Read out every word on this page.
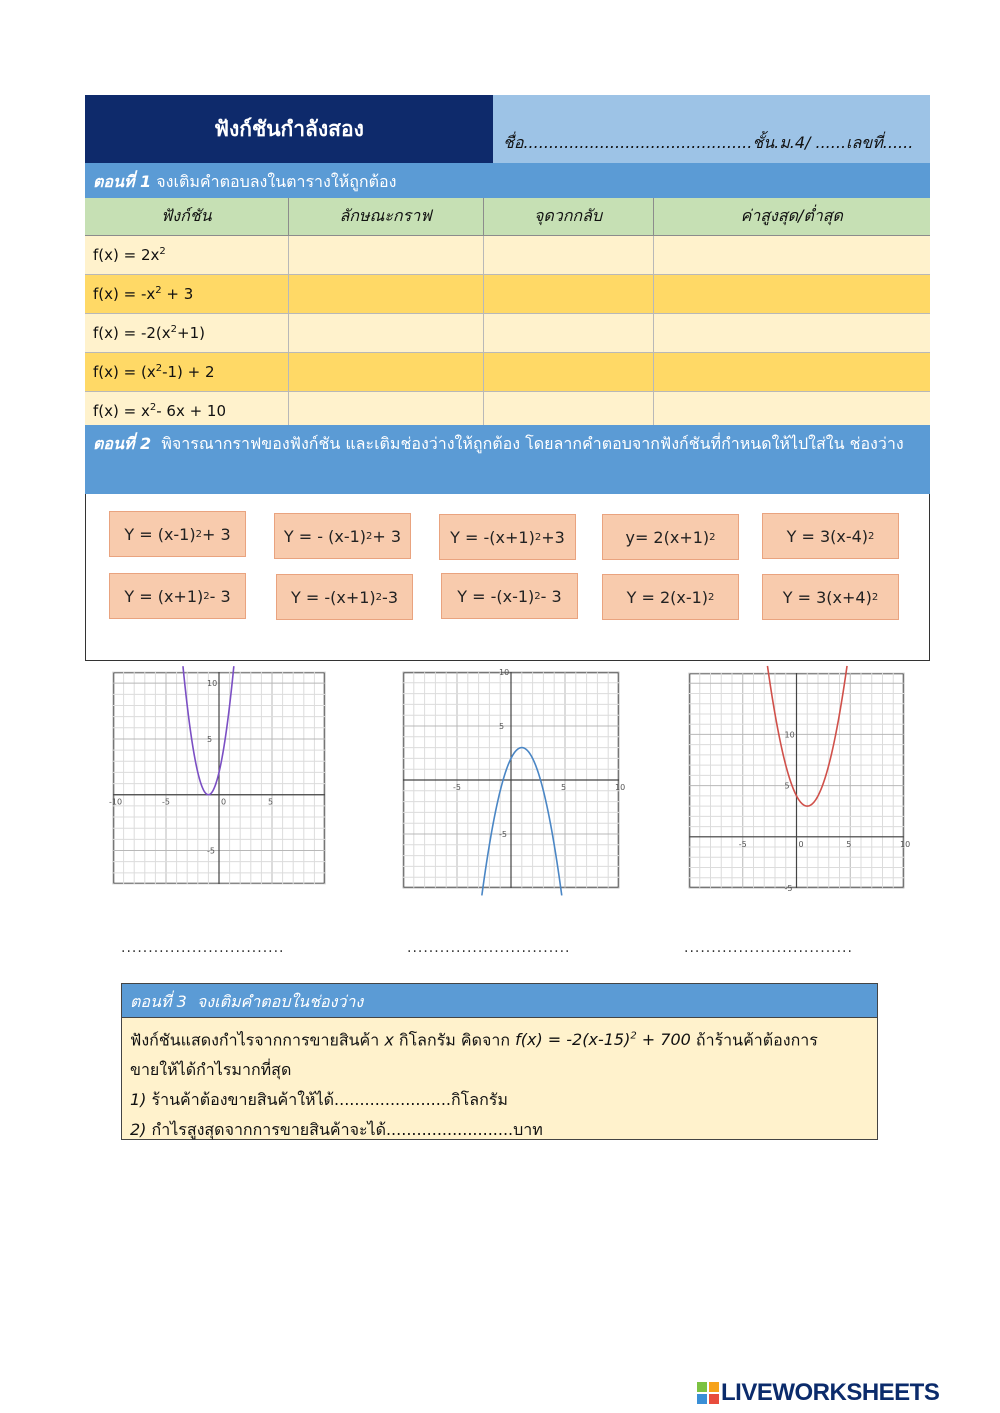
ฟังก์ชันกำลังสอง
ชื่อ.............................................ชั้น.ม.4/ ......เลขที่......
ตอนที่ 1 จงเติมคำตอบลงในตารางให้ถูกต้อง
ฟังก์ชัน	ลักษณะกราฟ	จุดวกกลับ	ค่าสูงสุด/ต่ำสุด
$f(x) = 2x^2$			
$f(x) = -x^2 + 3$			
$f(x) = -2(x^2+1)$			
$f(x) = (x^2-1) + 2$			
$f(x) = x^2-$ 6x + 10			
ตอนที่ 2 พิจารณากราฟของฟังก์ชัน และเติมช่องว่างให้ถูกต้อง โดยลากคำตอบจากฟังก์ชันที่กำหนดให้ไปใส่ใน ช่องว่าง
Y = (x-1) 2 + 3	Y = - (x-1) 2 + 3	Y = -(x+1) 2 +3	y= 2(x+1) 2	Y = 3(x-4) 2
Y = (x+1) 2 - 3	Y = -(x+1) 2 -3	Y = -(x-1) 2 - 3	Y = 2(x-1) 2	Y = 3(x+4) 2
-10	-5	0	5
10
5
-5
-5	5	10
10
5
-5
-5	0	5	10
10
5
-5
..............................	..............................	...............................
ตอนที่ 3 จงเติมคำตอบในช่องว่าง
ฟังก์ชันแสดงกำไรจากการขายสินค้า x กิโลกรัม คิดจาก $f(x) = -2(x-15)^2 + 700$ ถ้าร้านค้าต้องการ
ขายให้ได้กำไรมากที่สุด
1) ร้านค้าต้องขายสินค้าให้ได้.......................กิโลกรัม
2) กำไรสูงสุดจากการขายสินค้าจะได้.........................บาท
LIVEWORKSHEETS
